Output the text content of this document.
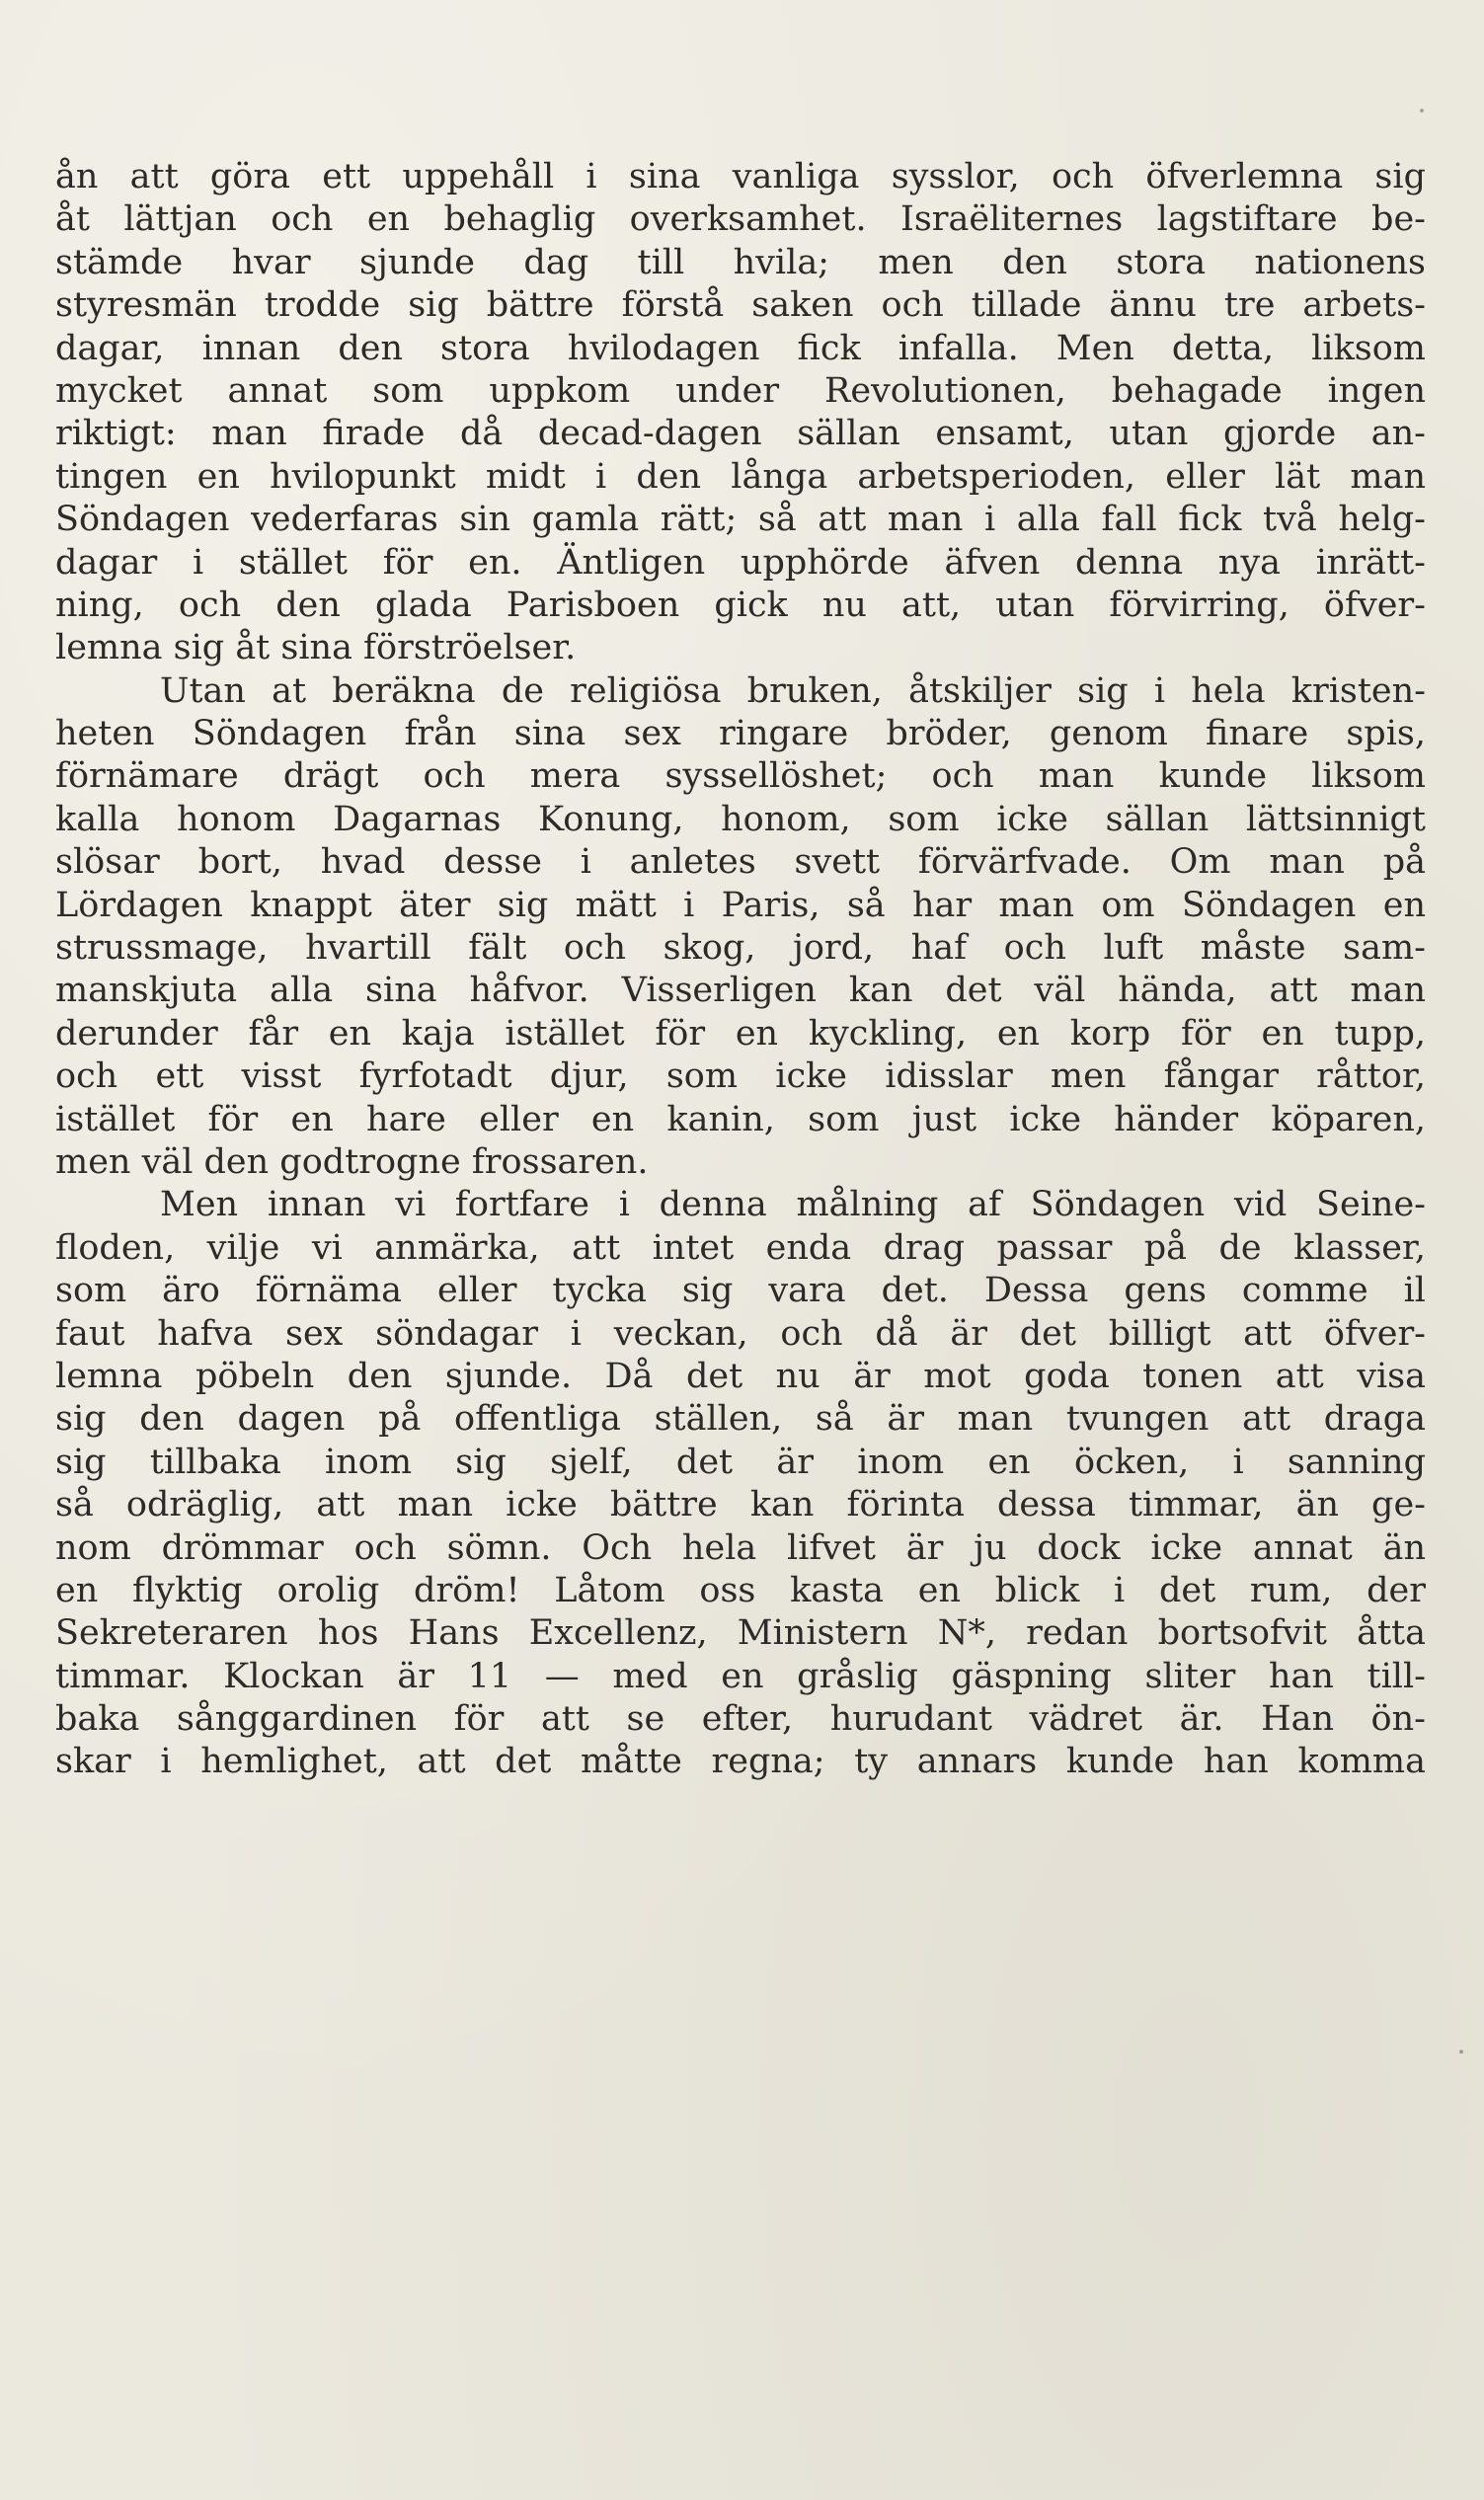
ån att göra ett uppehåll i sina vanliga sysslor, och öfverlemna sig
åt lättjan och en behaglig overksamhet. Israëliternes lagstiftare be-
stämde hvar sjunde dag till hvila; men den stora nationens
styresmän trodde sig bättre förstå saken och tillade ännu tre arbets-
dagar, innan den stora hvilodagen fick infalla. Men detta, liksom
mycket annat som uppkom under Revolutionen, behagade ingen
riktigt: man firade då decad-dagen sällan ensamt, utan gjorde an-
tingen en hvilopunkt midt i den långa arbetsperioden, eller lät man
Söndagen vederfaras sin gamla rätt; så att man i alla fall fick två helg-
dagar i stället för en. Äntligen upphörde äfven denna nya inrätt-
ning, och den glada Parisboen gick nu att, utan förvirring, öfver-
lemna sig åt sina förströelser.
Utan at beräkna de religiösa bruken, åtskiljer sig i hela kristen-
heten Söndagen från sina sex ringare bröder, genom finare spis,
förnämare drägt och mera syssellöshet; och man kunde liksom
kalla honom Dagarnas Konung, honom, som icke sällan lättsinnigt
slösar bort, hvad desse i anletes svett förvärfvade. Om man på
Lördagen knappt äter sig mätt i Paris, så har man om Söndagen en
strussmage, hvartill fält och skog, jord, haf och luft måste sam-
manskjuta alla sina håfvor. Visserligen kan det väl hända, att man
derunder får en kaja istället för en kyckling, en korp för en tupp,
och ett visst fyrfotadt djur, som icke idisslar men fångar råttor,
istället för en hare eller en kanin, som just icke händer köparen,
men väl den godtrogne frossaren.
Men innan vi fortfare i denna målning af Söndagen vid Seine-
floden, vilje vi anmärka, att intet enda drag passar på de klasser,
som äro förnäma eller tycka sig vara det. Dessa gens comme il
faut hafva sex söndagar i veckan, och då är det billigt att öfver-
lemna pöbeln den sjunde. Då det nu är mot goda tonen att visa
sig den dagen på offentliga ställen, så är man tvungen att draga
sig tillbaka inom sig sjelf, det är inom en öcken, i sanning
så odräglig, att man icke bättre kan förinta dessa timmar, än ge-
nom drömmar och sömn. Och hela lifvet är ju dock icke annat än
en flyktig orolig dröm! Låtom oss kasta en blick i det rum, der
Sekreteraren hos Hans Excellenz, Ministern N*, redan bortsofvit åtta
timmar. Klockan är 11 — med en gråslig gäspning sliter han till-
baka sånggardinen för att se efter, hurudant vädret är. Han ön-
skar i hemlighet, att det måtte regna; ty annars kunde han komma
